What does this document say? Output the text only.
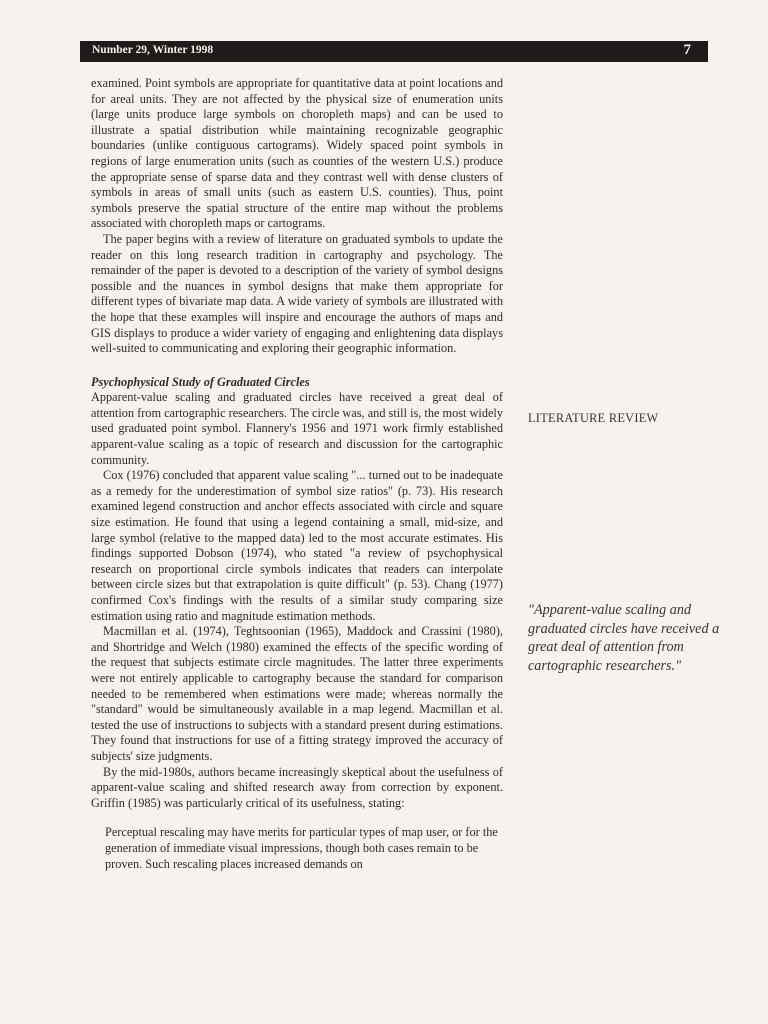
Number 29, Winter 1998	7

examined. Point symbols are appropriate for quantitative data at point locations and for areal units. They are not affected by the physical size of enumeration units (large units produce large symbols on choropleth maps) and can be used to illustrate a spatial distribution while maintaining recognizable geographic boundaries (unlike contiguous cartograms). Widely spaced point symbols in regions of large enumeration units (such as counties of the western U.S.) produce the appropriate sense of sparse data and they contrast well with dense clusters of symbols in areas of small units (such as eastern U.S. counties). Thus, point symbols preserve the spatial structure of the entire map without the problems associated with choropleth maps or cartograms.

The paper begins with a review of literature on graduated symbols to update the reader on this long research tradition in cartography and psychology. The remainder of the paper is devoted to a description of the variety of symbol designs possible and the nuances in symbol designs that make them appropriate for different types of bivariate map data. A wide variety of symbols are illustrated with the hope that these examples will inspire and encourage the authors of maps and GIS displays to produce a wider variety of engaging and enlightening data displays well-suited to communicating and exploring their geographic information.

Psychophysical Study of Graduated Circles

Apparent-value scaling and graduated circles have received a great deal of attention from cartographic researchers. The circle was, and still is, the most widely used graduated point symbol. Flannery's 1956 and 1971 work firmly established apparent-value scaling as a topic of research and discussion for the cartographic community.

Cox (1976) concluded that apparent value scaling "... turned out to be inadequate as a remedy for the underestimation of symbol size ratios" (p. 73). His research examined legend construction and anchor effects associated with circle and square size estimation. He found that using a legend containing a small, mid-size, and large symbol (relative to the mapped data) led to the most accurate estimates. His findings supported Dobson (1974), who stated "a review of psychophysical research on proportional circle symbols indicates that readers can interpolate between circle sizes but that extrapolation is quite difficult" (p. 53). Chang (1977) confirmed Cox's findings with the results of a similar study comparing size estimation using ratio and magnitude estimation methods.

Macmillan et al. (1974), Teghtsoonian (1965), Maddock and Crassini (1980), and Shortridge and Welch (1980) examined the effects of the specific wording of the request that subjects estimate circle magnitudes. The latter three experiments were not entirely applicable to cartography because the standard for comparison needed to be remembered when estimations were made; whereas normally the "standard" would be simultaneously available in a map legend. Macmillan et al. tested the use of instructions to subjects with a standard present during estimations. They found that instructions for use of a fitting strategy improved the accuracy of subjects' size judgments.

By the mid-1980s, authors became increasingly skeptical about the usefulness of apparent-value scaling and shifted research away from correction by exponent. Griffin (1985) was particularly critical of its usefulness, stating:

Perceptual rescaling may have merits for particular types of map user, or for the generation of immediate visual impressions, though both cases remain to be proven. Such rescaling places increased demands on
LITERATURE REVIEW
"Apparent-value scaling and graduated circles have received a great deal of attention from cartographic researchers."
